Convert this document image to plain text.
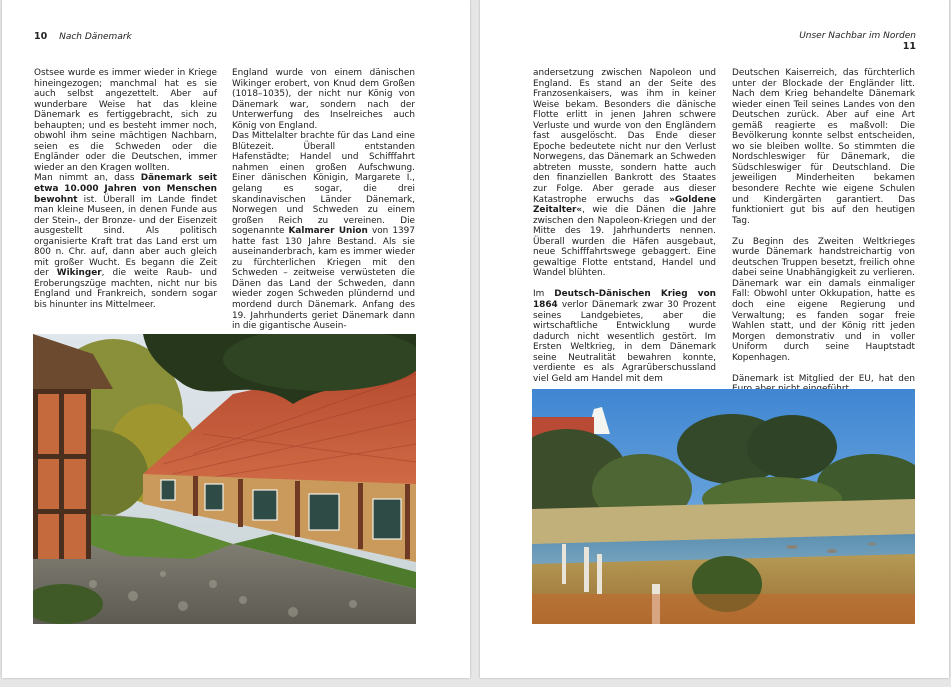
10 Nach Dänemark

Ostsee wurde es immer wieder in Kriege hineingezogen; manchmal hat es sie auch selbst angezettelt. Aber auf wunderbare Weise hat das kleine Dänemark es fertiggebracht, sich zu behaupten; und es besteht immer noch, obwohl ihm seine mächtigen Nachbarn, seien es die Schweden oder die Engländer oder die Deutschen, immer wieder an den Kragen wollten.

Man nimmt an, dass Dänemark seit etwa 10.000 Jahren von Menschen bewohnt ist. Überall im Lande findet man kleine Museen, in denen Funde aus der Stein-, der Bronze- und der Eisenzeit ausgestellt sind. Als politisch organisierte Kraft trat das Land erst um 800 n. Chr. auf, dann aber auch gleich mit großer Wucht. Es begann die Zeit der Wikinger, die weite Raub- und Eroberungszüge machten, nicht nur bis England und Frankreich, sondern sogar bis hinunter ins Mittelmeer.

England wurde von einem dänischen Wikinger erobert, von Knud dem Großen (1018–1035), der nicht nur König von Dänemark war, sondern nach der Unterwerfung des Inselreiches auch König von England.

Das Mittelalter brachte für das Land eine Blütezeit. Überall entstanden Hafenstädte; Handel und Schifffahrt nahmen einen großen Aufschwung. Einer dänischen Königin, Margarete I., gelang es sogar, die drei skandinavischen Länder Dänemark, Norwegen und Schweden zu einem großen Reich zu vereinen. Die sogenannte Kalmarer Union von 1397 hatte fast 130 Jahre Bestand. Als sie auseinanderbrach, kam es immer wieder zu fürchterlichen Kriegen mit den Schweden – zeitweise verwüsteten die Dänen das Land der Schweden, dann wieder zogen Schweden plündernd und mordend durch Dänemark. Anfang des 19. Jahrhunderts geriet Dänemark dann in die gigantische Ausein-

Unser Nachbar im Norden 11

andersetzung zwischen Napoleon und England. Es stand an der Seite des Franzosenkaisers, was ihm in keiner Weise bekam. Besonders die dänische Flotte erlitt in jenen Jahren schwere Verluste und wurde von den Engländern fast ausgelöscht. Das Ende dieser Epoche bedeutete nicht nur den Verlust Norwegens, das Dänemark an Schweden abtreten musste, sondern hatte auch den finanziellen Bankrott des Staates zur Folge. Aber gerade aus dieser Katastrophe erwuchs das »Goldene Zeitalter«, wie die Dänen die Jahre zwischen den Napoleon-Kriegen und der Mitte des 19. Jahrhunderts nennen. Überall wurden die Häfen ausgebaut, neue Schifffahrtswege gebaggert. Eine gewaltige Flotte entstand, Handel und Wandel blühten.

Im Deutsch-Dänischen Krieg von 1864 verlor Dänemark zwar 30 Prozent seines Landgebietes, aber die wirtschaftliche Entwicklung wurde dadurch nicht wesentlich gestört. Im Ersten Weltkrieg, in dem Dänemark seine Neutralität bewahren konnte, verdiente es als Agrarüberschussland viel Geld am Handel mit dem

Deutschen Kaiserreich, das fürchterlich unter der Blockade der Engländer litt. Nach dem Krieg behandelte Dänemark wieder einen Teil seines Landes von den Deutschen zurück. Aber auf eine Art gemäß reagierte es maßvoll: Die Bevölkerung konnte selbst entscheiden, wo sie bleiben wollte. So stimmten die Nordschleswiger für Dänemark, die Südschleswiger für Deutschland. Die jeweiligen Minderheiten bekamen besondere Rechte wie eigene Schulen und Kindergärten garantiert. Das funktioniert gut bis auf den heutigen Tag.

Zu Beginn des Zweiten Weltkrieges wurde Dänemark handstreichartig von deutschen Truppen besetzt, freilich ohne dabei seine Unabhängigkeit zu verlieren. Dänemark war ein damals einmaliger Fall: Obwohl unter Okkupation, hatte es doch eine eigene Regierung und Verwaltung; es fanden sogar freie Wahlen statt, und der König ritt jeden Morgen demonstrativ und in voller Uniform durch seine Hauptstadt Kopenhagen.

Dänemark ist Mitglied der EU, hat den
